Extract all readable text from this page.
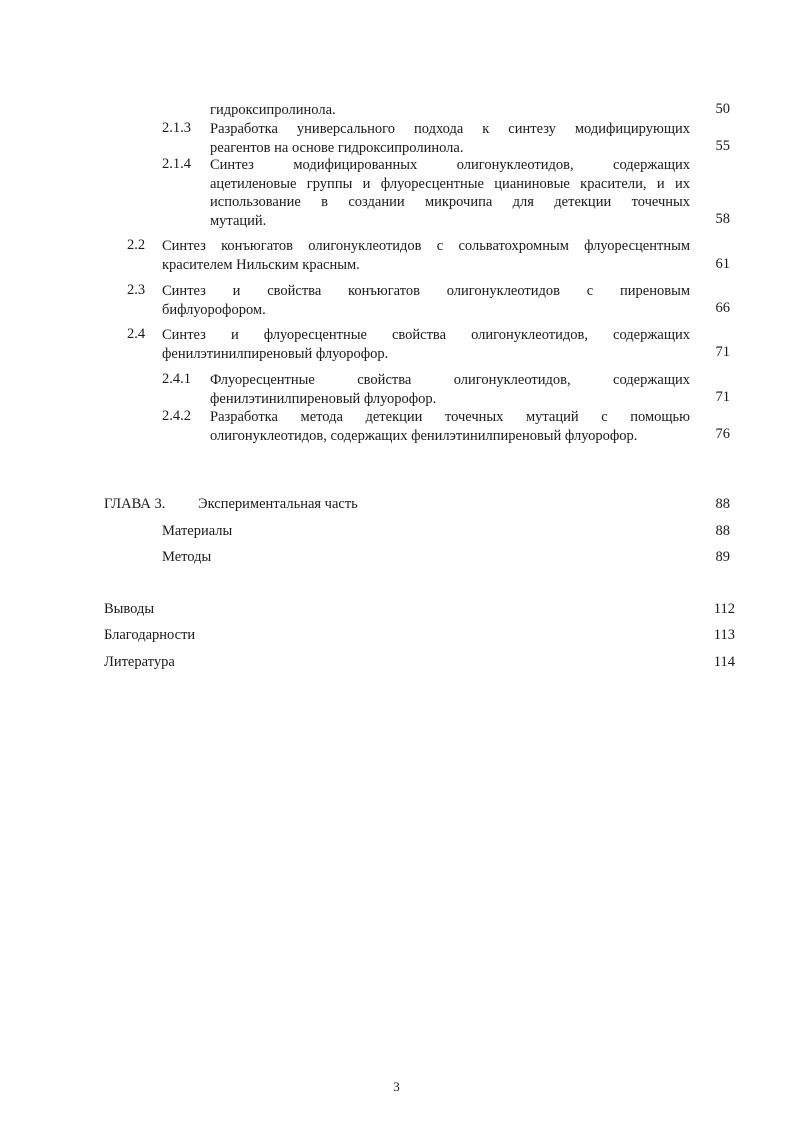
гидроксипролинола.	50
2.1.3 Разработка универсального подхода к синтезу модифицирующих
реагентов на основе гидроксипролинола.	55
2.1.4 Синтез модифицированных олигонуклеотидов, содержащих
ацетиленовые группы и флуоресцентные цианиновые красители, и их
использование в создании микрочипа для детекции точечных
мутаций.	58
2.2 Синтез конъюгатов олигонуклеотидов с сольватохромным флуоресцентным
красителем Нильским красным.	61
2.3 Синтез и свойства конъюгатов олигонуклеотидов с пиреновым
бифлуорофором.	66
2.4 Синтез и флуоресцентные свойства олигонуклеотидов, содержащих
фенилэтинилпиреновый флуорофор.	71
2.4.1 Флуоресцентные свойства олигонуклеотидов, содержащих
фенилэтинилпиреновый флуорофор.	71
2.4.2 Разработка метода детекции точечных мутаций с помощью
олигонуклеотидов, содержащих фенилэтинилпиреновый флуорофор.	76
ГЛАВА 3. Экспериментальная часть	88
Материалы	88
Методы	89
Выводы	112
Благодарности	113
Литература	114
3
